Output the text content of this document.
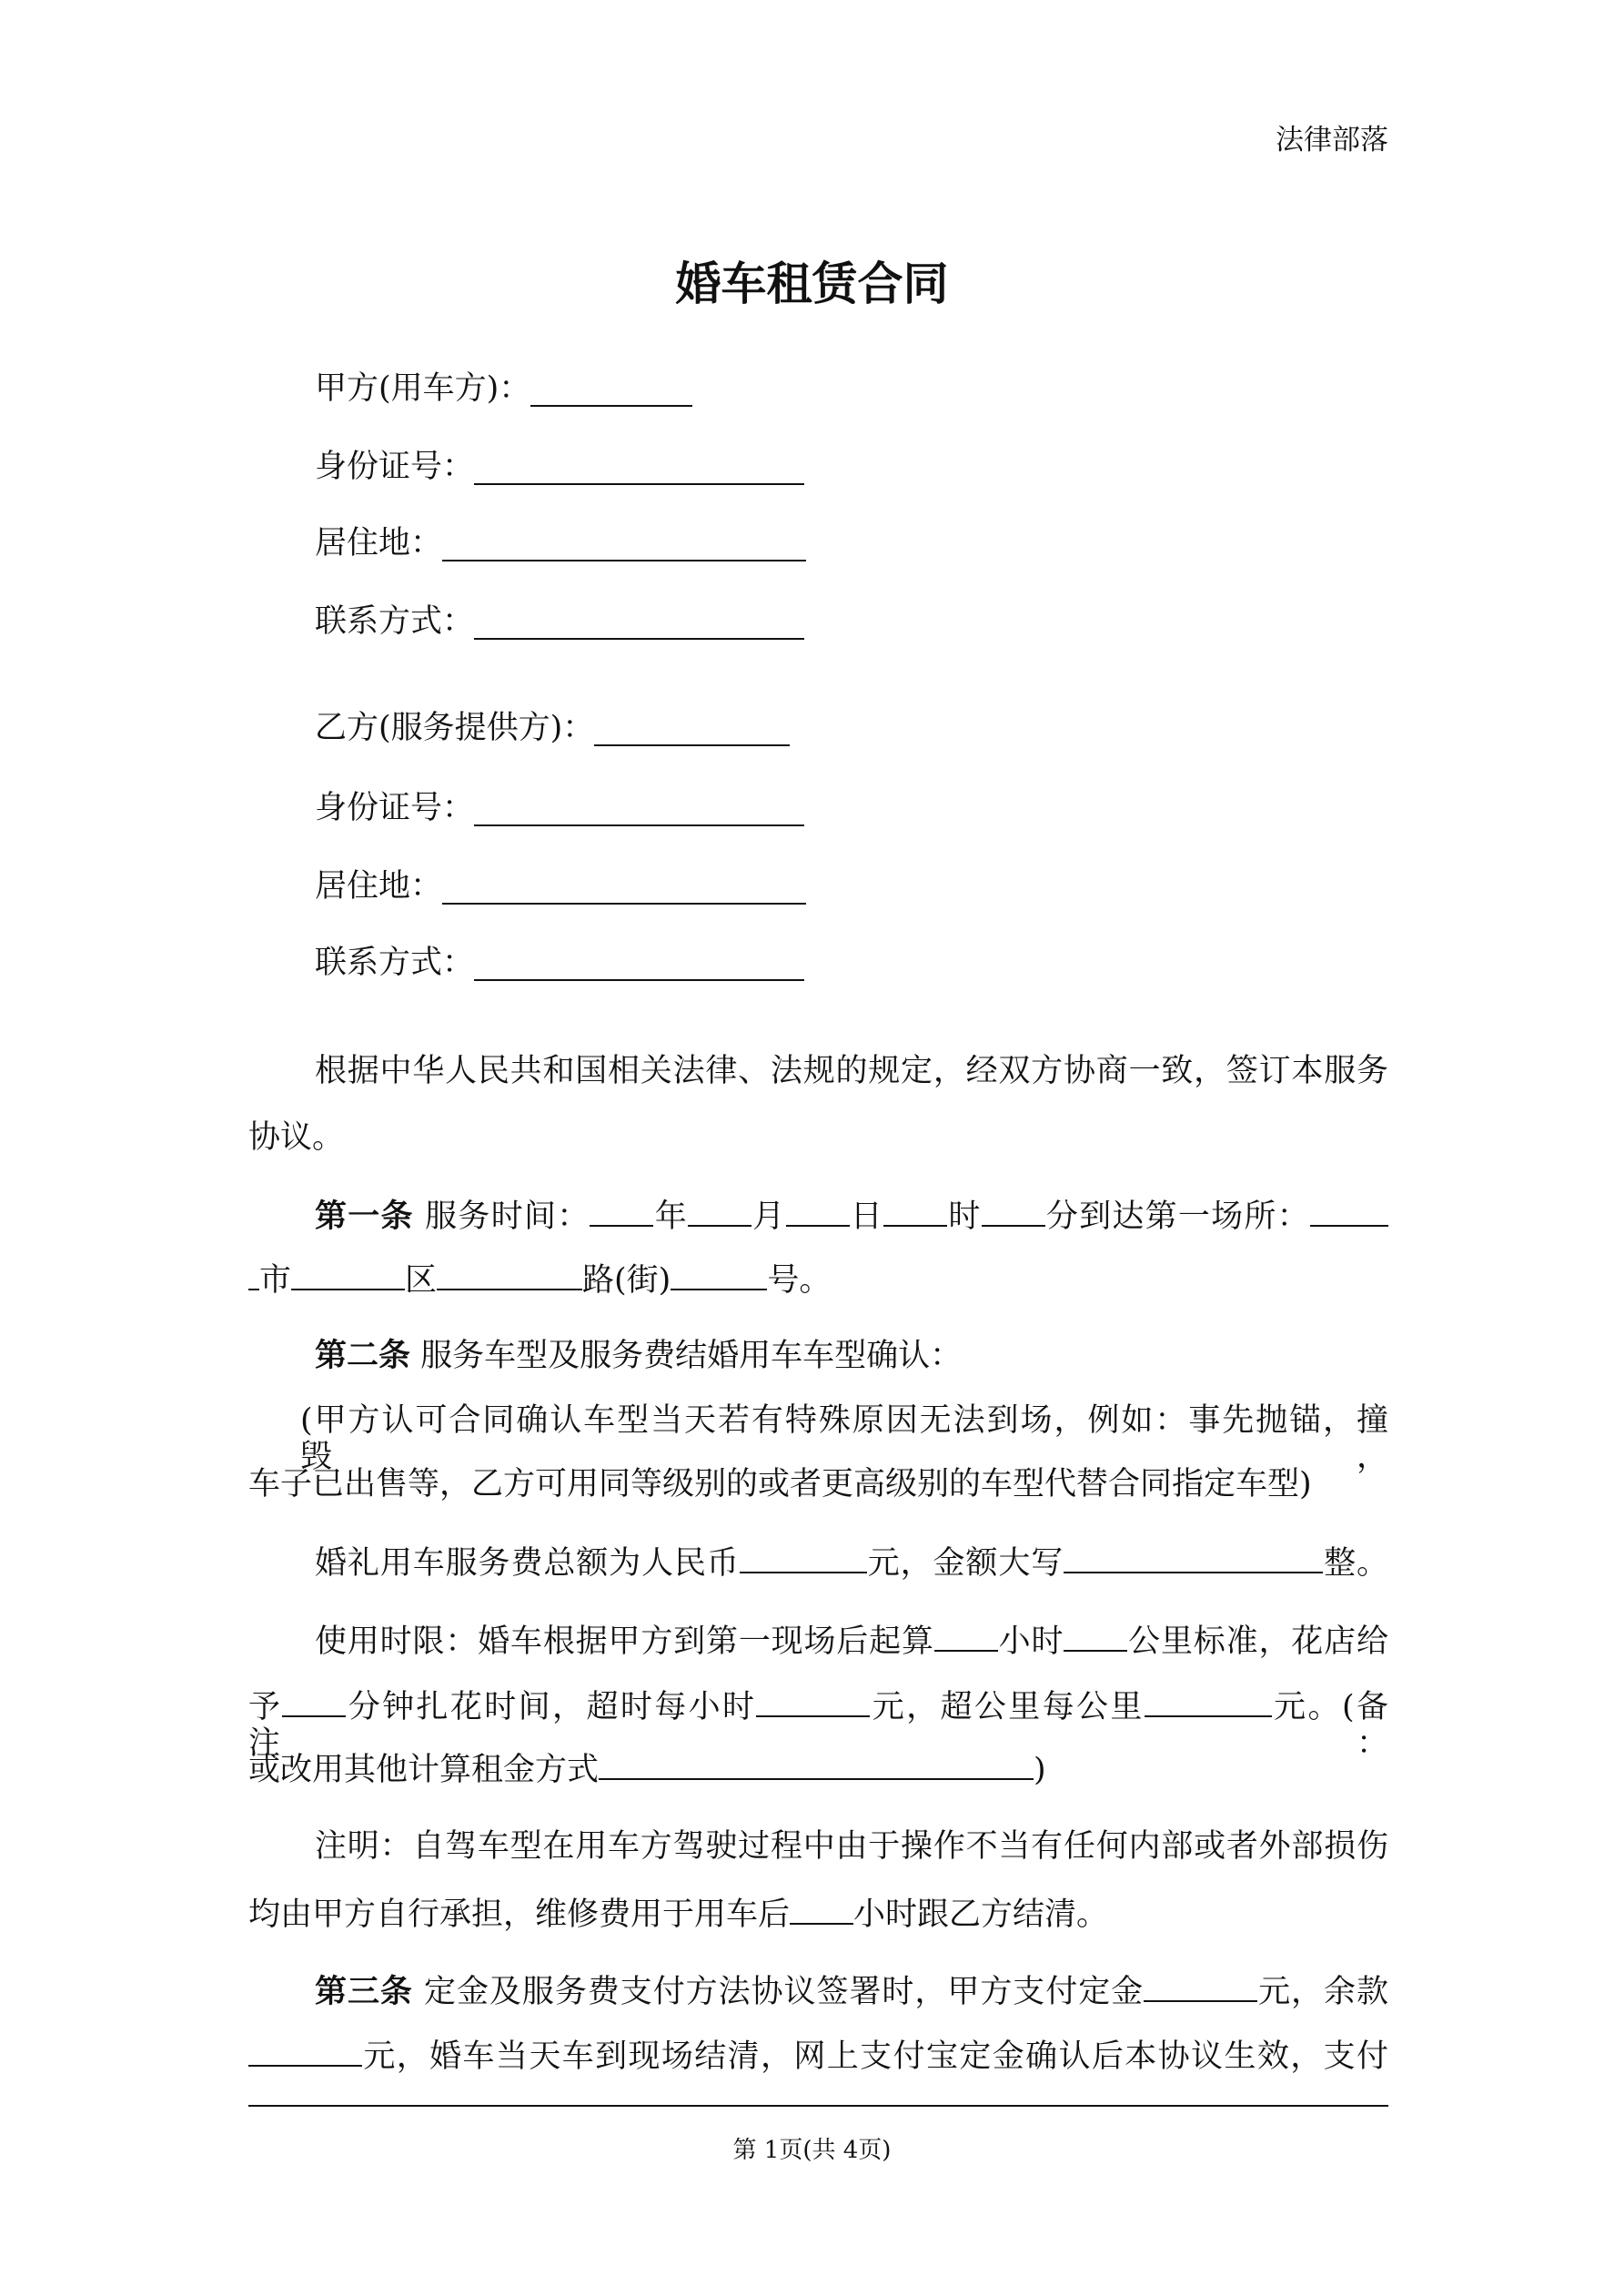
法律部落
婚车租赁合同
甲方(用车方)：
身份证号：
居住地：
联系方式：
乙方(服务提供方)：
身份证号：
居住地：
联系方式：
根据中华人民共和国相关法律、法规的规定，经双方协商一致，签订本服务
协议。
第一条 服务时间： 年 月 日 时 分到达第一场所：
市	区	路(街)	号。
第二条 服务车型及服务费结婚用车车型确认：
(甲方认可合同确认车型当天若有特殊原因无法到场，例如：事先抛锚，撞毁，
车子已出售等，乙方可用同等级别的或者更高级别的车型代替合同指定车型)
婚礼用车服务费总额为人民币	元，金额大写	整。
使用时限：婚车根据甲方到第一现场后起算 小时 公里标准，花店给
予 分钟扎花时间，超时每小时	元，超公里每公里	元。(备注：
或改用其他计算租金方式	)
注明：自驾车型在用车方驾驶过程中由于操作不当有任何内部或者外部损伤
均由甲方自行承担，维修费用于用车后 小时跟乙方结清。
第三条 定金及服务费支付方法协议签署时，甲方支付定金	元，余款
元，婚车当天车到现场结清，网上支付宝定金确认后本协议生效，支付
第 1页(共 4页)
